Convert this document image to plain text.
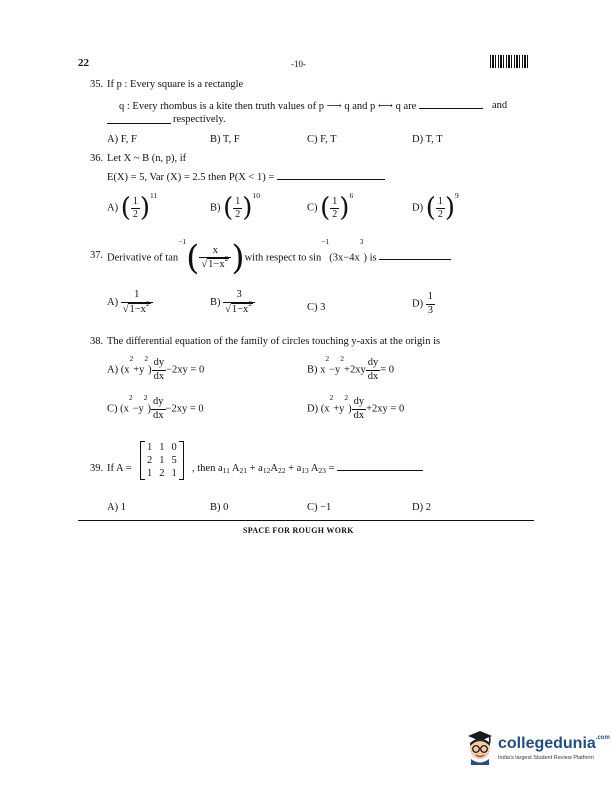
22	-10-
35. If p : Every square is a rectangle
q : Every rhombus is a kite then truth values of p ⟶ q and p ⟷ q are	and
respectively.
A) F, F	B) T, F	C) F, T	D) T, T
36. Let X ~ B (n, p), if
E(X) = 5, Var (X) = 2.5 then P(X < 1) =
A) ( $\frac{1}{2} )^{11}$
B) ( $\frac{1}{2} )^{10}$
C) ( $\frac{1}{2} )^6$
D) ( $\frac{1}{2} )^9$
37. Derivative of $\tan^{-1}( \frac{x}{√1-x^2}$ )with respect to $\sin^{-1}(3x-4x^3)$ is
$A) \frac{1}{√1-x^2}$	$B) \frac{3}{√1-x^2}$	C) 3	$D) \frac{1}{3}$
38. The differential equation of the family of circles touching y-axis at the origin is
A) $(x^2+y^2) \frac{dy}{dx} -2xy = 0$	B) $x^2-y^2+2xy \frac{dy}{dx} = 0$
C) $(x^2-y^2) \frac{dy}{dx} -2xy = 0$	D) $(x^2+y^2) \frac{dy}{dx} +2xy = 0$
39. If A =
1 1 0
2 1 5
1 2 1 , then a11 A21 + a12A22 + a13 A23 =
A) 1	B) 0	C) −1	D) 2
SPACE FOR ROUGH WORK
collegedunia$^{.com}$
India's largest Student Review Platform
